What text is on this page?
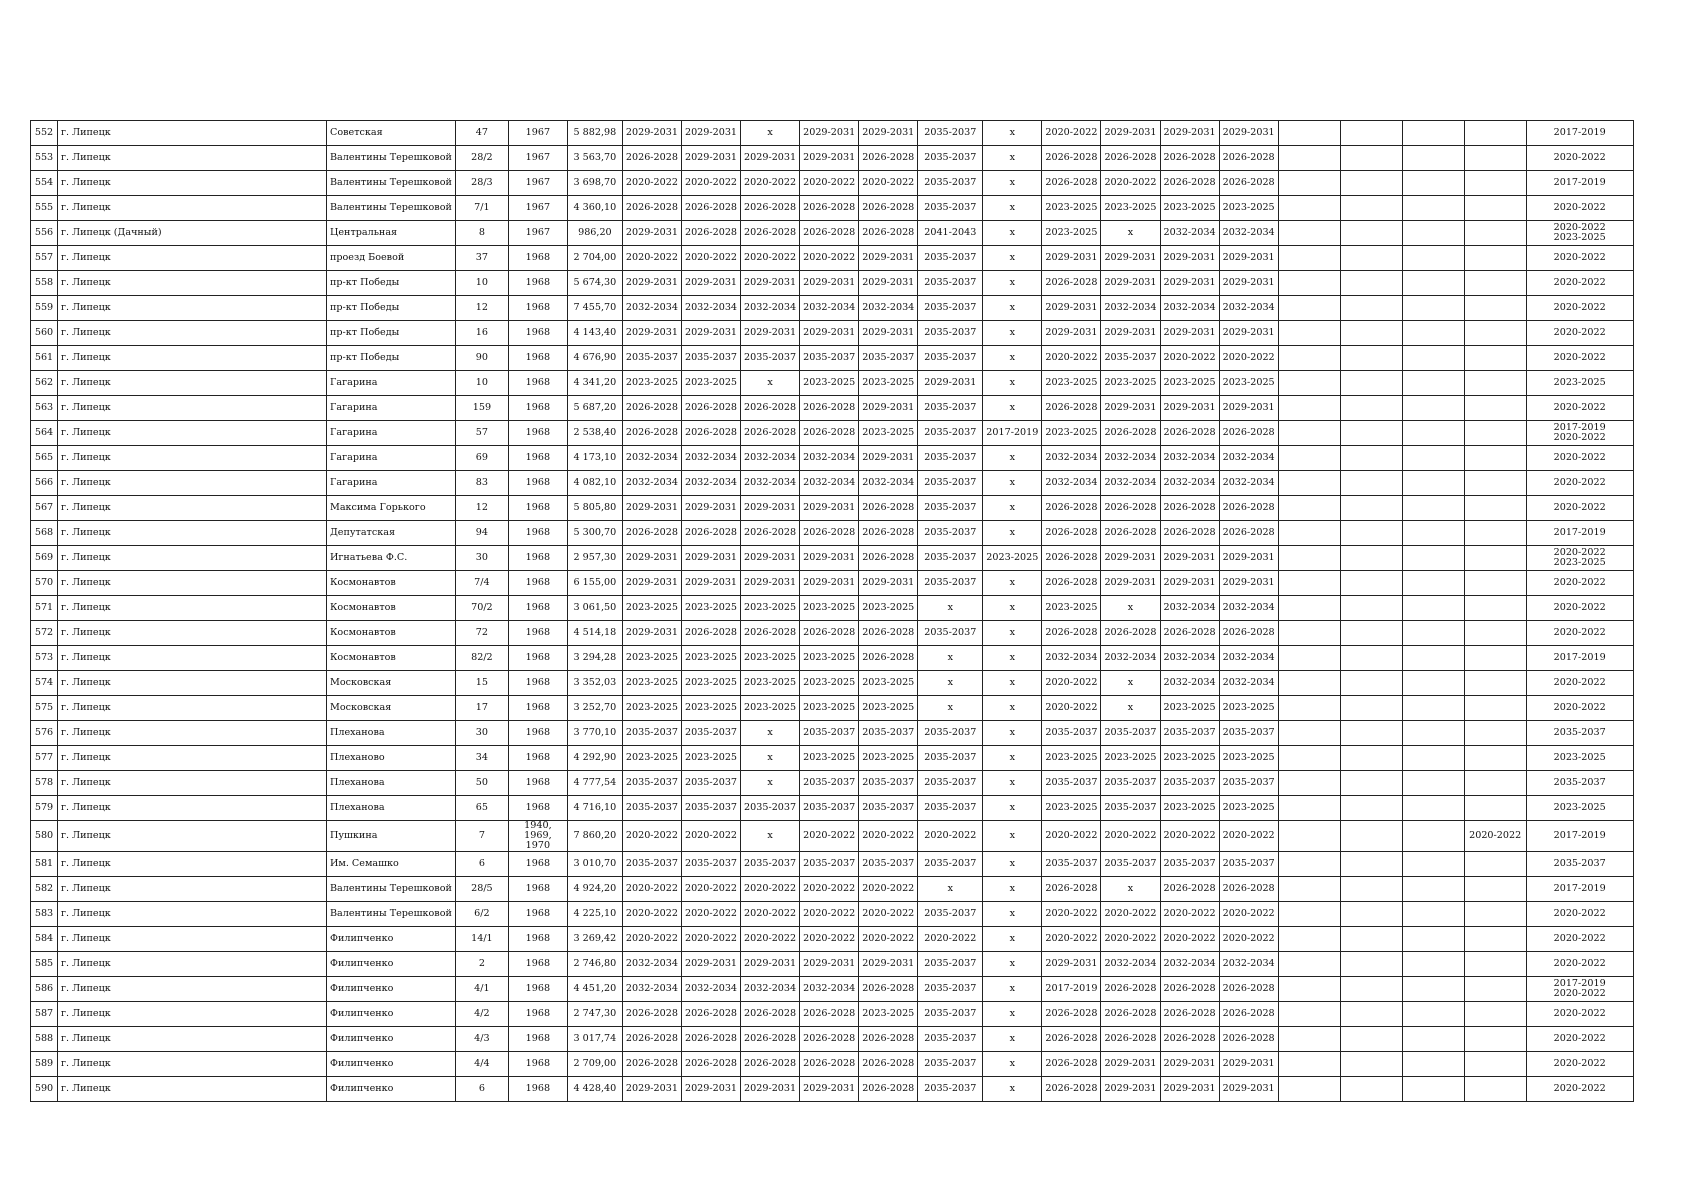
552	г. Липецк	Советская	47	1967	5 882,98	2029-2031	2029-2031	x	2029-2031	2029-2031	2035-2037	x	2020-2022	2029-2031	2029-2031	2029-2031					2017-2019
553	г. Липецк	Валентины Терешковой	28/2	1967	3 563,70	2026-2028	2029-2031	2029-2031	2029-2031	2026-2028	2035-2037	x	2026-2028	2026-2028	2026-2028	2026-2028					2020-2022
554	г. Липецк	Валентины Терешковой	28/3	1967	3 698,70	2020-2022	2020-2022	2020-2022	2020-2022	2020-2022	2035-2037	x	2026-2028	2020-2022	2026-2028	2026-2028					2017-2019
555	г. Липецк	Валентины Терешковой	7/1	1967	4 360,10	2026-2028	2026-2028	2026-2028	2026-2028	2026-2028	2035-2037	x	2023-2025	2023-2025	2023-2025	2023-2025					2020-2022
556	г. Липецк (Дачный)	Центральная	8	1967	986,20	2029-2031	2026-2028	2026-2028	2026-2028	2026-2028	2041-2043	x	2023-2025	x	2032-2034	2032-2034					2020-2022
2023-2025
557	г. Липецк	проезд Боевой	37	1968	2 704,00	2020-2022	2020-2022	2020-2022	2020-2022	2029-2031	2035-2037	x	2029-2031	2029-2031	2029-2031	2029-2031					2020-2022
558	г. Липецк	пр-кт Победы	10	1968	5 674,30	2029-2031	2029-2031	2029-2031	2029-2031	2029-2031	2035-2037	x	2026-2028	2029-2031	2029-2031	2029-2031					2020-2022
559	г. Липецк	пр-кт Победы	12	1968	7 455,70	2032-2034	2032-2034	2032-2034	2032-2034	2032-2034	2035-2037	x	2029-2031	2032-2034	2032-2034	2032-2034					2020-2022
560	г. Липецк	пр-кт Победы	16	1968	4 143,40	2029-2031	2029-2031	2029-2031	2029-2031	2029-2031	2035-2037	x	2029-2031	2029-2031	2029-2031	2029-2031					2020-2022
561	г. Липецк	пр-кт Победы	90	1968	4 676,90	2035-2037	2035-2037	2035-2037	2035-2037	2035-2037	2035-2037	x	2020-2022	2035-2037	2020-2022	2020-2022					2020-2022
562	г. Липецк	Гагарина	10	1968	4 341,20	2023-2025	2023-2025	x	2023-2025	2023-2025	2029-2031	x	2023-2025	2023-2025	2023-2025	2023-2025					2023-2025
563	г. Липецк	Гагарина	159	1968	5 687,20	2026-2028	2026-2028	2026-2028	2026-2028	2029-2031	2035-2037	x	2026-2028	2029-2031	2029-2031	2029-2031					2020-2022
564	г. Липецк	Гагарина	57	1968	2 538,40	2026-2028	2026-2028	2026-2028	2026-2028	2023-2025	2035-2037	2017-2019	2023-2025	2026-2028	2026-2028	2026-2028					2017-2019
2020-2022
565	г. Липецк	Гагарина	69	1968	4 173,10	2032-2034	2032-2034	2032-2034	2032-2034	2029-2031	2035-2037	x	2032-2034	2032-2034	2032-2034	2032-2034					2020-2022
566	г. Липецк	Гагарина	83	1968	4 082,10	2032-2034	2032-2034	2032-2034	2032-2034	2032-2034	2035-2037	x	2032-2034	2032-2034	2032-2034	2032-2034					2020-2022
567	г. Липецк	Максима Горького	12	1968	5 805,80	2029-2031	2029-2031	2029-2031	2029-2031	2026-2028	2035-2037	x	2026-2028	2026-2028	2026-2028	2026-2028					2020-2022
568	г. Липецк	Депутатская	94	1968	5 300,70	2026-2028	2026-2028	2026-2028	2026-2028	2026-2028	2035-2037	x	2026-2028	2026-2028	2026-2028	2026-2028					2017-2019
569	г. Липецк	Игнатьева Ф.С.	30	1968	2 957,30	2029-2031	2029-2031	2029-2031	2029-2031	2026-2028	2035-2037	2023-2025	2026-2028	2029-2031	2029-2031	2029-2031					2020-2022
2023-2025
570	г. Липецк	Космонавтов	7/4	1968	6 155,00	2029-2031	2029-2031	2029-2031	2029-2031	2029-2031	2035-2037	x	2026-2028	2029-2031	2029-2031	2029-2031					2020-2022
571	г. Липецк	Космонавтов	70/2	1968	3 061,50	2023-2025	2023-2025	2023-2025	2023-2025	2023-2025	x	x	2023-2025	x	2032-2034	2032-2034					2020-2022
572	г. Липецк	Космонавтов	72	1968	4 514,18	2029-2031	2026-2028	2026-2028	2026-2028	2026-2028	2035-2037	x	2026-2028	2026-2028	2026-2028	2026-2028					2020-2022
573	г. Липецк	Космонавтов	82/2	1968	3 294,28	2023-2025	2023-2025	2023-2025	2023-2025	2026-2028	x	x	2032-2034	2032-2034	2032-2034	2032-2034					2017-2019
574	г. Липецк	Московская	15	1968	3 352,03	2023-2025	2023-2025	2023-2025	2023-2025	2023-2025	x	x	2020-2022	x	2032-2034	2032-2034					2020-2022
575	г. Липецк	Московская	17	1968	3 252,70	2023-2025	2023-2025	2023-2025	2023-2025	2023-2025	x	x	2020-2022	x	2023-2025	2023-2025					2020-2022
576	г. Липецк	Плеханова	30	1968	3 770,10	2035-2037	2035-2037	x	2035-2037	2035-2037	2035-2037	x	2035-2037	2035-2037	2035-2037	2035-2037					2035-2037
577	г. Липецк	Плеханово	34	1968	4 292,90	2023-2025	2023-2025	x	2023-2025	2023-2025	2035-2037	x	2023-2025	2023-2025	2023-2025	2023-2025					2023-2025
578	г. Липецк	Плеханова	50	1968	4 777,54	2035-2037	2035-2037	x	2035-2037	2035-2037	2035-2037	x	2035-2037	2035-2037	2035-2037	2035-2037					2035-2037
579	г. Липецк	Плеханова	65	1968	4 716,10	2035-2037	2035-2037	2035-2037	2035-2037	2035-2037	2035-2037	x	2023-2025	2035-2037	2023-2025	2023-2025					2023-2025
580	г. Липецк	Пушкина	7	1940, 1969, 1970	7 860,20	2020-2022	2020-2022	x	2020-2022	2020-2022	2020-2022	x	2020-2022	2020-2022	2020-2022	2020-2022				2020-2022	2017-2019
581	г. Липецк	Им. Семашко	6	1968	3 010,70	2035-2037	2035-2037	2035-2037	2035-2037	2035-2037	2035-2037	x	2035-2037	2035-2037	2035-2037	2035-2037					2035-2037
582	г. Липецк	Валентины Терешковой	28/5	1968	4 924,20	2020-2022	2020-2022	2020-2022	2020-2022	2020-2022	x	x	2026-2028	x	2026-2028	2026-2028					2017-2019
583	г. Липецк	Валентины Терешковой	6/2	1968	4 225,10	2020-2022	2020-2022	2020-2022	2020-2022	2020-2022	2035-2037	x	2020-2022	2020-2022	2020-2022	2020-2022					2020-2022
584	г. Липецк	Филипченко	14/1	1968	3 269,42	2020-2022	2020-2022	2020-2022	2020-2022	2020-2022	2020-2022	x	2020-2022	2020-2022	2020-2022	2020-2022					2020-2022
585	г. Липецк	Филипченко	2	1968	2 746,80	2032-2034	2029-2031	2029-2031	2029-2031	2029-2031	2035-2037	x	2029-2031	2032-2034	2032-2034	2032-2034					2020-2022
586	г. Липецк	Филипченко	4/1	1968	4 451,20	2032-2034	2032-2034	2032-2034	2032-2034	2026-2028	2035-2037	x	2017-2019	2026-2028	2026-2028	2026-2028					2017-2019
2020-2022
587	г. Липецк	Филипченко	4/2	1968	2 747,30	2026-2028	2026-2028	2026-2028	2026-2028	2023-2025	2035-2037	x	2026-2028	2026-2028	2026-2028	2026-2028					2020-2022
588	г. Липецк	Филипченко	4/3	1968	3 017,74	2026-2028	2026-2028	2026-2028	2026-2028	2026-2028	2035-2037	x	2026-2028	2026-2028	2026-2028	2026-2028					2020-2022
589	г. Липецк	Филипченко	4/4	1968	2 709,00	2026-2028	2026-2028	2026-2028	2026-2028	2026-2028	2035-2037	x	2026-2028	2029-2031	2029-2031	2029-2031					2020-2022
590	г. Липецк	Филипченко	6	1968	4 428,40	2029-2031	2029-2031	2029-2031	2029-2031	2026-2028	2035-2037	x	2026-2028	2029-2031	2029-2031	2029-2031					2020-2022
